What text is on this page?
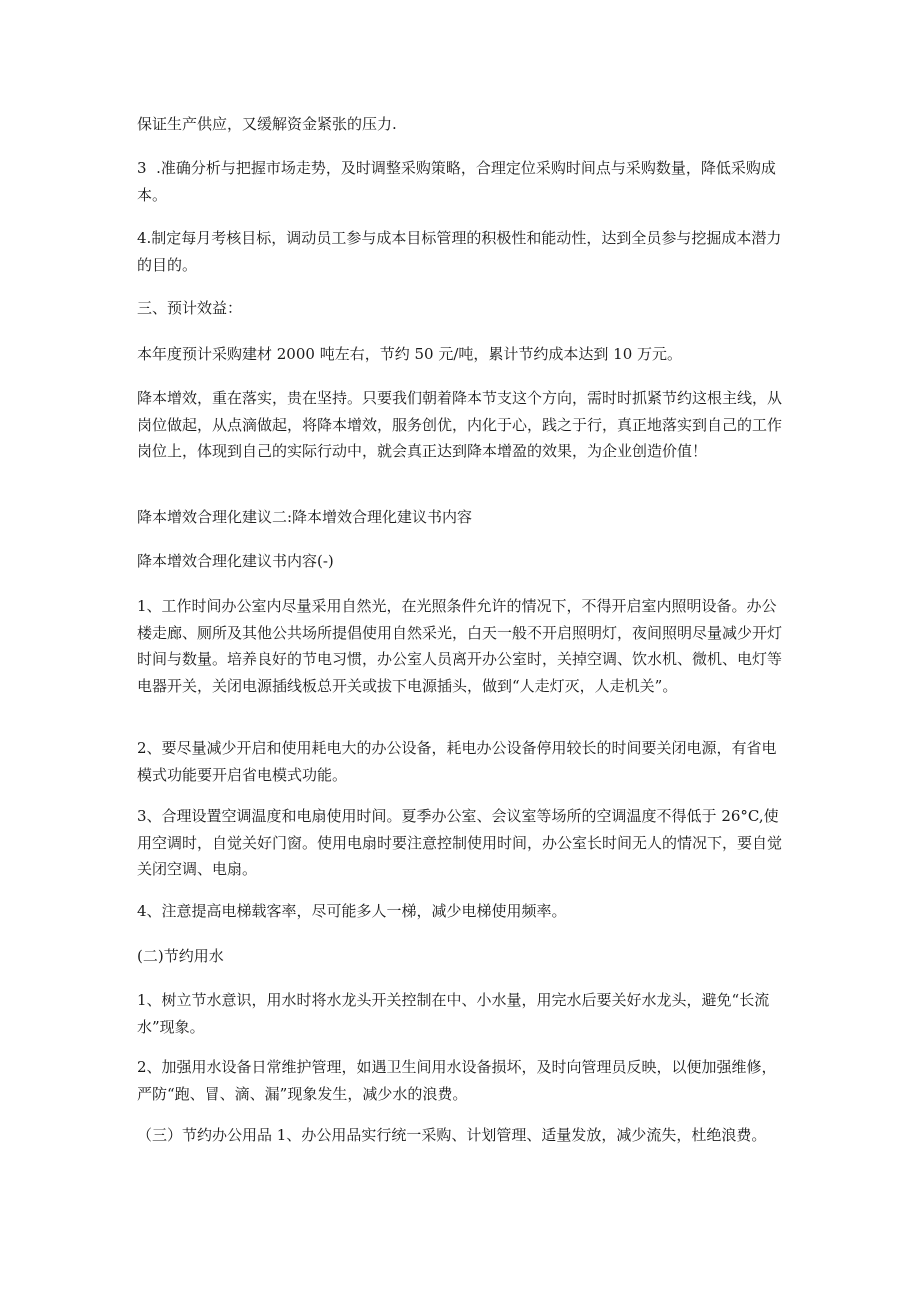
保证生产供应，又缓解资金紧张的压力.

3  .准确分析与把握市场走势，及时调整采购策略，合理定位采购时间点与采购数量，降低采购成本。

4.制定每月考核目标，调动员工参与成本目标管理的积极性和能动性，达到全员参与挖掘成本潜力的目的。

三、预计效益：

本年度预计采购建材 2000 吨左右，节约 50 元/吨，累计节约成本达到 10 万元。

降本增效，重在落实，贵在坚持。只要我们朝着降本节支这个方向，需时时抓紧节约这根主线，从岗位做起，从点滴做起，将降本增效，服务创优，内化于心，践之于行，真正地落实到自己的工作岗位上，体现到自己的实际行动中，就会真正达到降本增盈的效果，为企业创造价值！

降本增效合理化建议二:降本增效合理化建议书内容

降本增效合理化建议书内容(-)

1、工作时间办公室内尽量采用自然光，在光照条件允许的情况下，不得开启室内照明设备。办公楼走廊、厕所及其他公共场所提倡使用自然采光，白天一般不开启照明灯，夜间照明尽量减少开灯时间与数量。培养良好的节电习惯，办公室人员离开办公室时，关掉空调、饮水机、微机、电灯等电器开关，关闭电源插线板总开关或拔下电源插头，做到“人走灯灭，人走机关”。

2、要尽量减少开启和使用耗电大的办公设备，耗电办公设备停用较长的时间要关闭电源，有省电模式功能要开启省电模式功能。

3、合理设置空调温度和电扇使用时间。夏季办公室、会议室等场所的空调温度不得低于 26°C,使用空调时，自觉关好门窗。使用电扇时要注意控制使用时间，办公室长时间无人的情况下，要自觉关闭空调、电扇。

4、注意提高电梯载客率，尽可能多人一梯，减少电梯使用频率。

(二)节约用水

1、树立节水意识，用水时将水龙头开关控制在中、小水量，用完水后要关好水龙头，避免“长流水”现象。

2、加强用水设备日常维护管理，如遇卫生间用水设备损坏，及时向管理员反映，以便加强维修，严防“跑、冒、滴、漏”现象发生，减少水的浪费。

（三）节约办公用品 1、办公用品实行统一采购、计划管理、适量发放，减少流失，杜绝浪费。
